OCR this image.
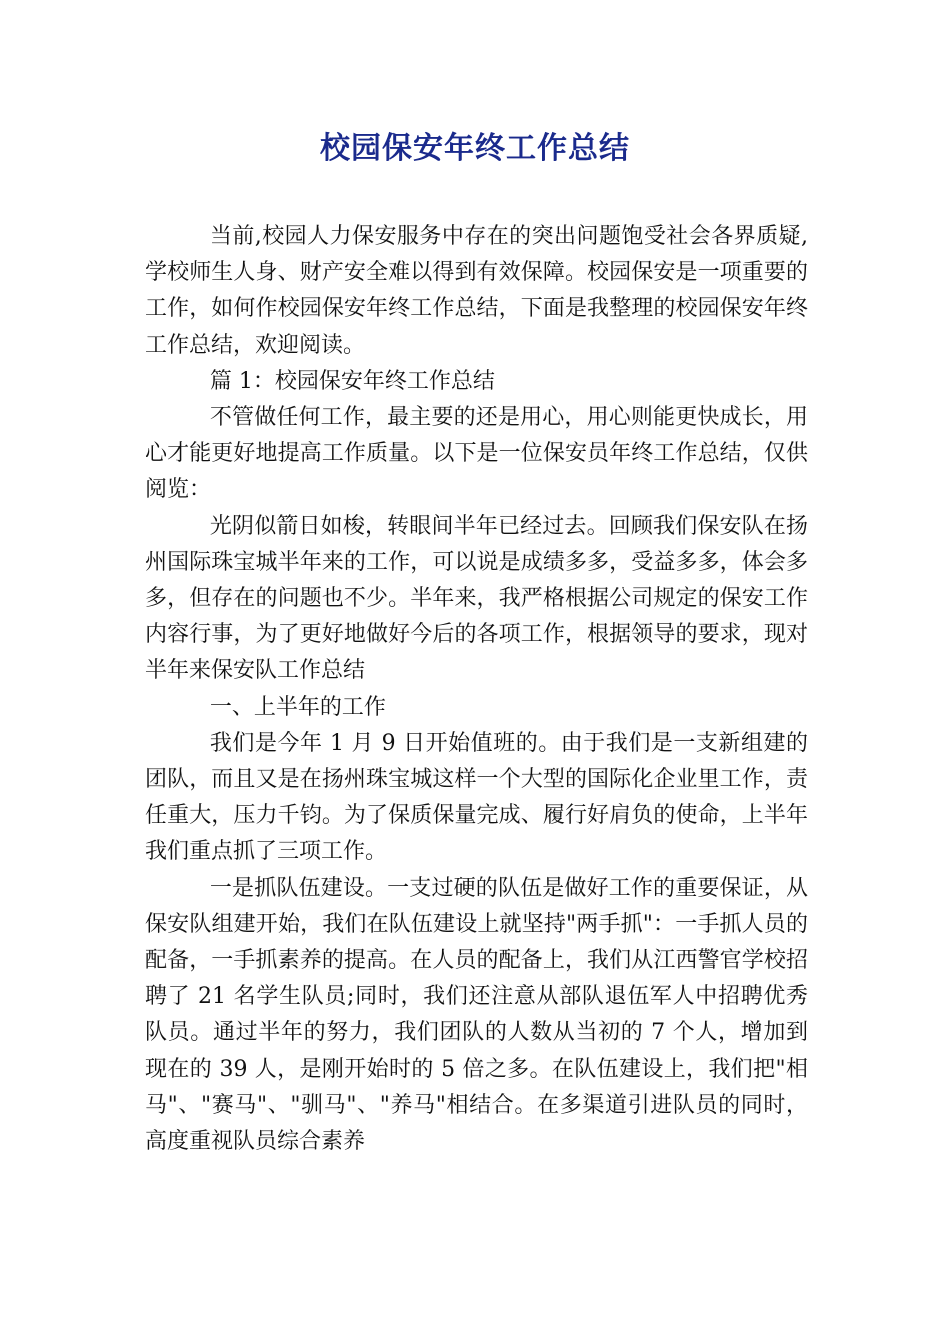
校园保安年终工作总结

当前,校园人力保安服务中存在的突出问题饱受社会各界质疑,学校师生人身、财产安全难以得到有效保障。校园保安是一项重要的工作，如何作校园保安年终工作总结，下面是我整理的校园保安年终工作总结，欢迎阅读。

篇 1：校园保安年终工作总结

不管做任何工作，最主要的还是用心，用心则能更快成长，用心才能更好地提高工作质量。以下是一位保安员年终工作总结，仅供阅览：

光阴似箭日如梭，转眼间半年已经过去。回顾我们保安队在扬州国际珠宝城半年来的工作，可以说是成绩多多，受益多多，体会多多，但存在的问题也不少。半年来，我严格根据公司规定的保安工作内容行事，为了更好地做好今后的各项工作，根据领导的要求，现对半年来保安队工作总结

一、上半年的工作

我们是今年 1 月 9 日开始值班的。由于我们是一支新组建的团队，而且又是在扬州珠宝城这样一个大型的国际化企业里工作，责任重大，压力千钧。为了保质保量完成、履行好肩负的使命，上半年我们重点抓了三项工作。

一是抓队伍建设。一支过硬的队伍是做好工作的重要保证，从保安队组建开始，我们在队伍建设上就坚持"两手抓"：一手抓人员的配备，一手抓素养的提高。在人员的配备上，我们从江西警官学校招聘了 21 名学生队员;同时，我们还注意从部队退伍军人中招聘优秀队员。通过半年的努力，我们团队的人数从当初的 7 个人，增加到现在的 39 人，是刚开始时的 5 倍之多。在队伍建设上，我们把"相马"、"赛马"、"驯马"、"养马"相结合。在多渠道引进队员的同时，高度重视队员综合素养
